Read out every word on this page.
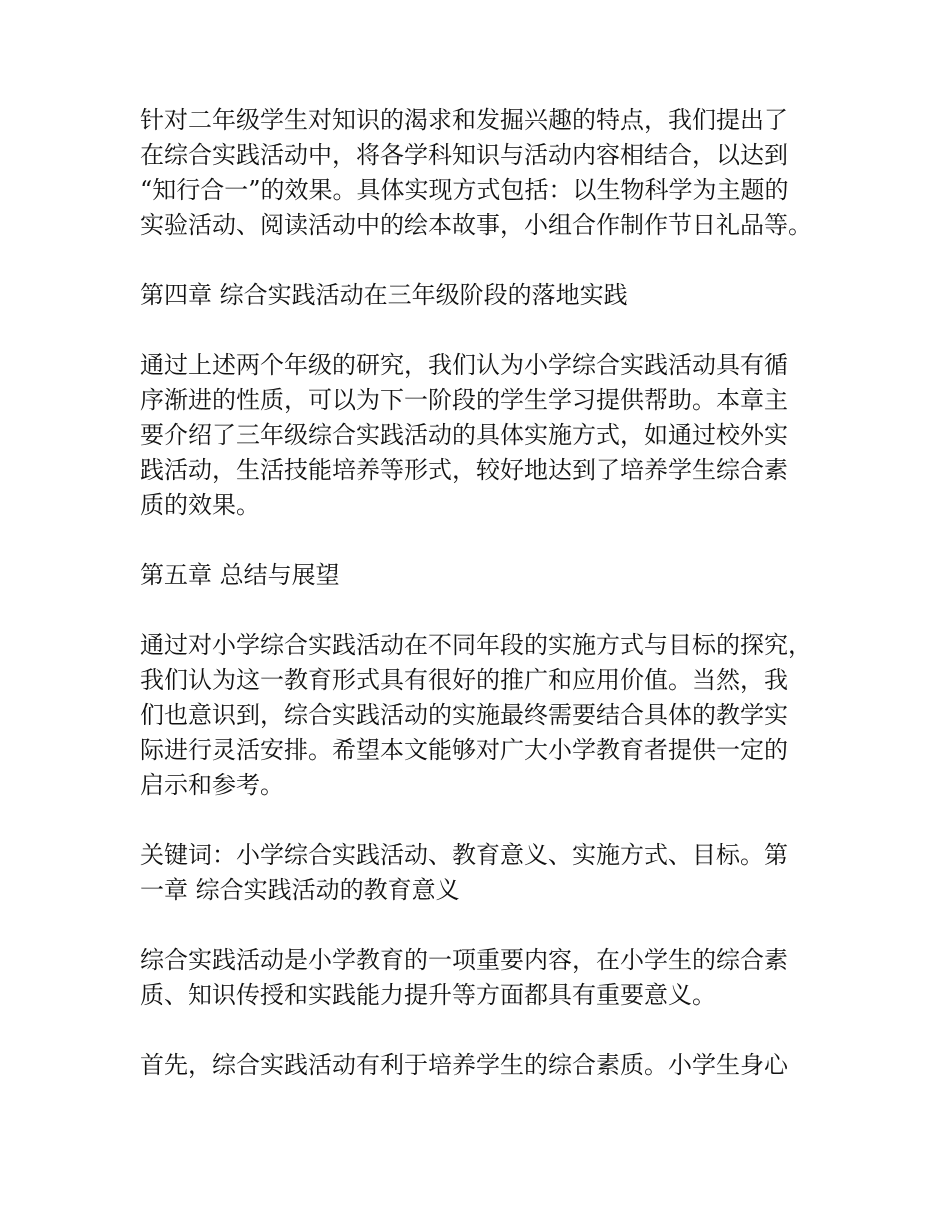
针对二年级学生对知识的渴求和发掘兴趣的特点，我们提出了
在综合实践活动中，将各学科知识与活动内容相结合，以达到
“知行合一”的效果。具体实现方式包括：以生物科学为主题的
实验活动、阅读活动中的绘本故事，小组合作制作节日礼品等。

第四章 综合实践活动在三年级阶段的落地实践

通过上述两个年级的研究，我们认为小学综合实践活动具有循
序渐进的性质，可以为下一阶段的学生学习提供帮助。本章主
要介绍了三年级综合实践活动的具体实施方式，如通过校外实
践活动，生活技能培养等形式，较好地达到了培养学生综合素
质的效果。

第五章 总结与展望

通过对小学综合实践活动在不同年段的实施方式与目标的探究，
我们认为这一教育形式具有很好的推广和应用价值。当然，我
们也意识到，综合实践活动的实施最终需要结合具体的教学实
际进行灵活安排。希望本文能够对广大小学教育者提供一定的
启示和参考。

关键词：小学综合实践活动、教育意义、实施方式、目标。第
一章 综合实践活动的教育意义

综合实践活动是小学教育的一项重要内容，在小学生的综合素
质、知识传授和实践能力提升等方面都具有重要意义。

首先，综合实践活动有利于培养学生的综合素质。小学生身心
